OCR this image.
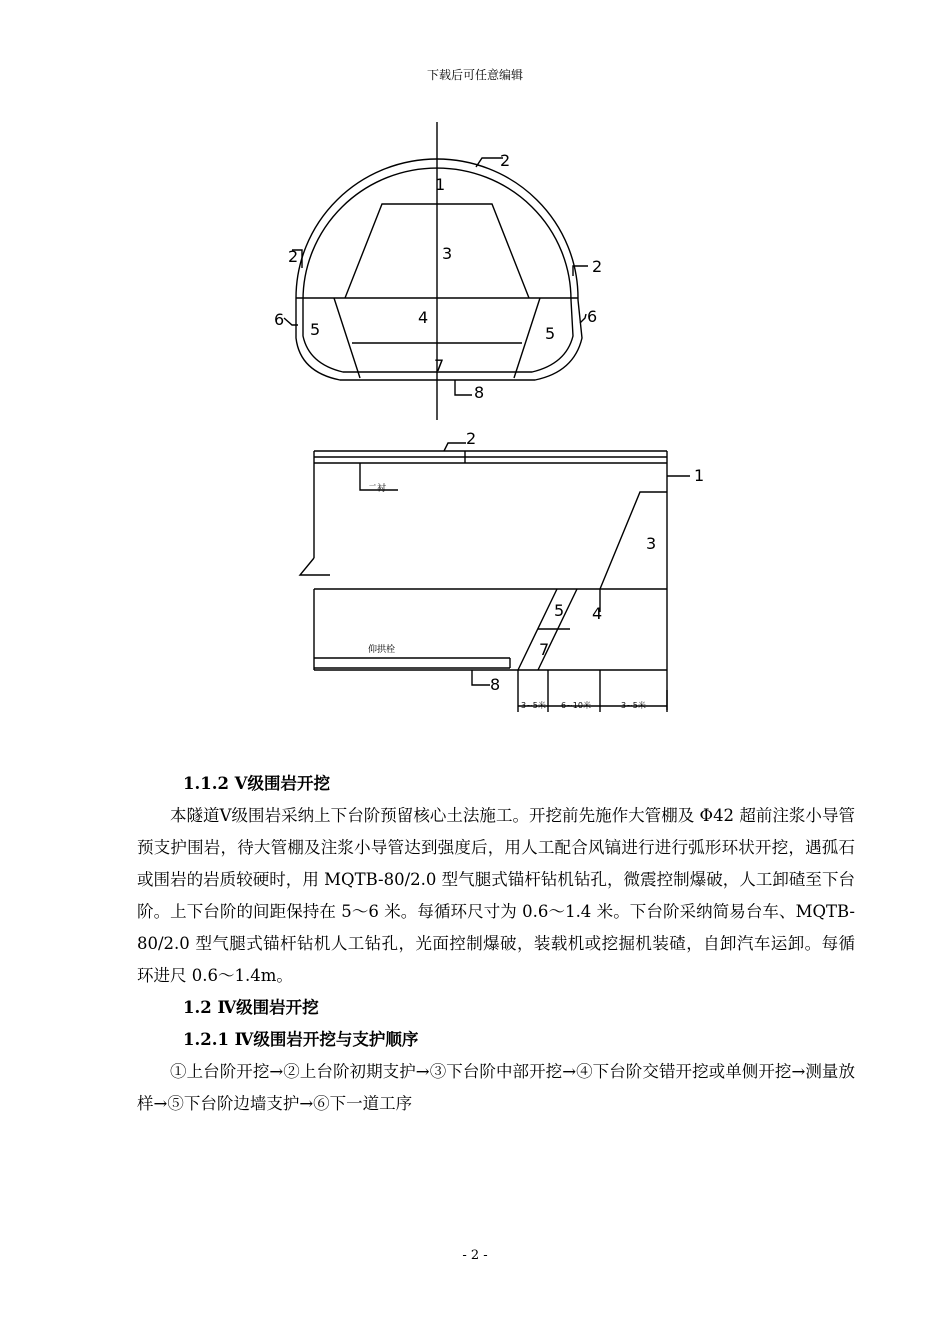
下载后可任意编辑
1
2
2
2
3
4
5	5
6	6
7
8
2
1
3
4
5
7
8
二衬
仰拱栓
3~5米 6~10米	3~5米
1.1.2 V级围岩开挖
本隧道V级围岩采纳上下台阶预留核心土法施工。开挖前先施作大管棚及 Φ42 超前注浆小导管预支护围岩，待大管棚及注浆小导管达到强度后，用人工配合风镐进行进行弧形环状开挖，遇孤石或围岩的岩质较硬时，用 MQTB-80/2.0 型气腿式锚杆钻机钻孔，微震控制爆破，人工卸碴至下台阶。上下台阶的间距保持在 5～6 米。每循环尺寸为 0.6～1.4 米。下台阶采纳简易台车、MQTB-80/2.0 型气腿式锚杆钻机人工钻孔，光面控制爆破，装载机或挖掘机装碴，自卸汽车运卸。每循环进尺 0.6～1.4m。
1.2 Ⅳ级围岩开挖
1.2.1 Ⅳ级围岩开挖与支护顺序
①上台阶开挖→②上台阶初期支护→③下台阶中部开挖→④下台阶交错开挖或单侧开挖→测量放样→⑤下台阶边墙支护→⑥下一道工序
- 2 -
